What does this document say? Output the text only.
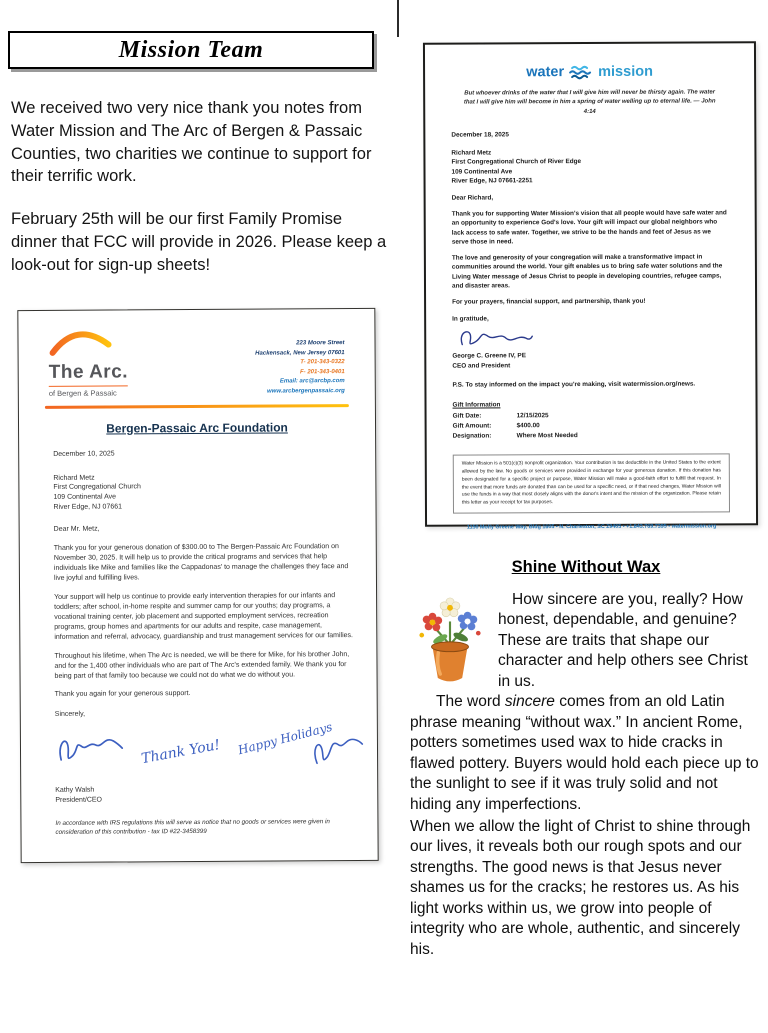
Mission Team

We received two very nice thank you notes from Water Mission and The Arc of Bergen & Passaic Counties, two charities we continue to support for their terrific work.

February 25th will be our first Family Promise dinner that FCC will provide in 2026. Please keep a look-out for sign-up sheets!

The Arc.
of Bergen & Passaic
223 Moore Street
Hackensack, New Jersey 07601
T- 201-343-0322
F- 201-343-0401
Email: arc@arcbp.com
www.arcbergenpassaic.org
Bergen-Passaic Arc Foundation
December 10, 2025
Richard Metz
First Congregational Church
109 Continental Ave
River Edge, NJ 07661
Dear Mr. Metz,

Thank you for your generous donation of $300.00 to The Bergen-Passaic Arc Foundation on November 30, 2025. It will help us to provide the critical programs and services that help individuals like Mike and families like the Cappadonas' to manage the challenges they face and live joyful and fulfilling lives.

Your support will help us continue to provide early intervention therapies for our infants and toddlers; after school, in-home respite and summer camp for our youths; day programs, a vocational training center, job placement and supported employment services, recreation programs, group homes and apartments for our adults and respite, case management, information and referral, advocacy, guardianship and trust management services for our families.

Throughout his lifetime, when The Arc is needed, we will be there for Mike, for his brother John, and for the 1,400 other individuals who are part of The Arc's extended family. We thank you for being part of that family too because we could not do what we do without you.

Thank you again for your generous support.

Sincerely,
Thank You! Happy Holidays
Kathy Walsh
President/CEO
In accordance with IRS regulations this will serve as notice that no goods or services were given in consideration of this contribution - tax ID #22-3458399
water mission
But whoever drinks of the water that I will give him will never be thirsty again. The water that I will give him will become in him a spring of water welling up to eternal life. — John 4:14
December 18, 2025
Richard Metz
First Congregational Church of River Edge
109 Continental Ave
River Edge, NJ 07661-2251
Dear Richard,

Thank you for supporting Water Mission's vision that all people would have safe water and an opportunity to experience God's love. Your gift will impact our global neighbors who lack access to safe water. Together, we strive to be the hands and feet of Jesus as we serve those in need.

The love and generosity of your congregation will make a transformative impact in communities around the world. Your gift enables us to bring safe water solutions and the Living Water message of Jesus Christ to people in developing countries, refugee camps, and disaster areas.

For your prayers, financial support, and partnership, thank you!

In gratitude,
George C. Greene IV, PE
CEO and President
P.S. To stay informed on the impact you're making, visit watermission.org/news.
Gift Information
Gift Date:	12/15/2025
Gift Amount:	$400.00
Designation:	Where Most Needed
Water Mission is a 501(c)(3) nonprofit organization. Your contribution is tax deductible in the United States to the extent allowed by the law. No goods or services were provided in exchange for your generous donation. If this donation has been designated for a specific project or purpose, Water Mission will make a good-faith effort to fulfill that request. In the event that more funds are donated than can be used for a specific need, or if that need changes, Water Mission will use the funds in a way that most closely aligns with the donor's intent and the mission of the organization. Please retain this letter as your receipt for tax purposes.
1150 Molly Greene Way, Bldg 1605 • N. Charleston, SC 29405 • +1.843.769.7395 • watermission.org
Shine Without Wax

How sincere are you, really? How honest, dependable, and genuine? These are traits that shape our character and help others see Christ in us.

The word sincere comes from an old Latin phrase meaning “without wax.” In ancient Rome, potters sometimes used wax to hide cracks in flawed pottery. Buyers would hold each piece up to the sunlight to see if it was truly solid and not hiding any imperfections.

When we allow the light of Christ to shine through our lives, it reveals both our rough spots and our strengths. The good news is that Jesus never shames us for the cracks; he restores us. As his light works within us, we grow into people of integrity who are whole, authentic, and sincerely his.
